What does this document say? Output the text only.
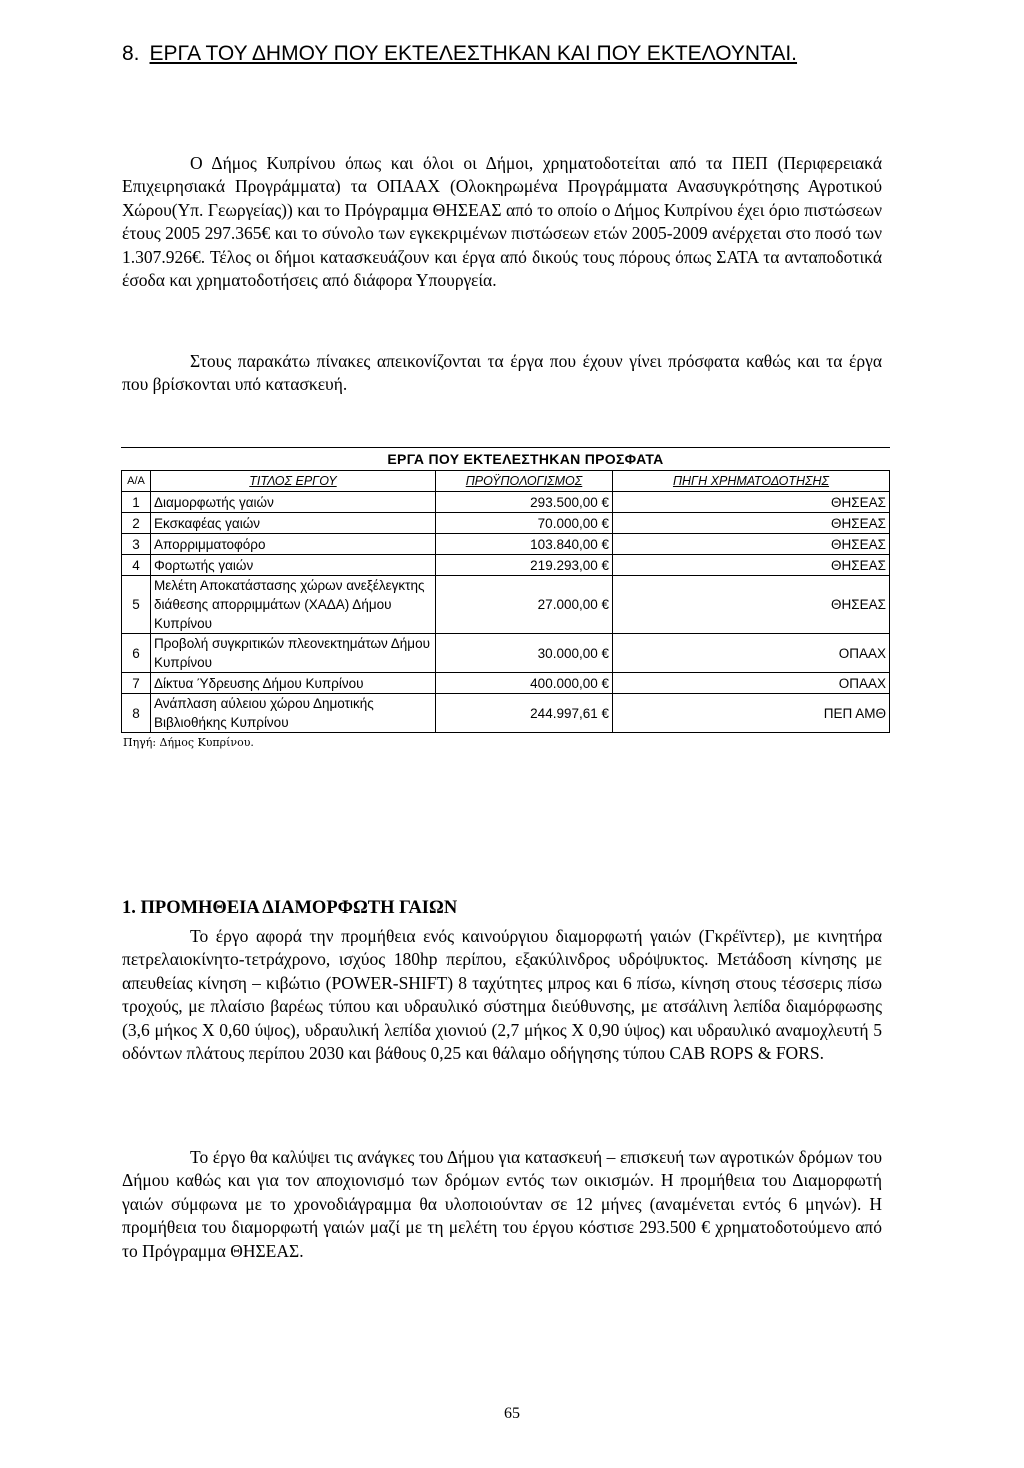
8. ΕΡΓΑ ΤΟΥ ΔΗΜΟΥ ΠΟΥ ΕΚΤΕΛΕΣΤΗΚΑΝ ΚΑΙ ΠΟΥ ΕΚΤΕΛΟΥΝΤΑΙ.

Ο Δήμος Κυπρίνου όπως και όλοι οι Δήμοι, χρηματοδοτείται από τα ΠΕΠ (Περιφερειακά Επιχειρησιακά Προγράμματα) τα ΟΠΑΑΧ (Ολοκηρωμένα Προγράμματα Ανασυγκρότησης Αγροτικού Χώρου(Υπ. Γεωργείας)) και το Πρόγραμμα ΘΗΣΕΑΣ από το οποίο ο Δήμος Κυπρίνου έχει όριο πιστώσεων έτους 2005 297.365€ και το σύνολο των εγκεκριμένων πιστώσεων ετών 2005-2009 ανέρχεται στο ποσό των 1.307.926€. Τέλος οι δήμοι κατασκευάζουν και έργα από δικούς τους πόρους όπως ΣΑΤΑ τα ανταποδοτικά έσοδα και χρηματοδοτήσεις από διάφορα Υπουργεία.

Στους παρακάτω πίνακες απεικονίζονται τα έργα που έχουν γίνει πρόσφατα καθώς και τα έργα που βρίσκονται υπό κατασκευή.

ΕΡΓΑ ΠΟΥ ΕΚΤΕΛΕΣΤΗΚΑΝ ΠΡΟΣΦΑΤΑ
Α/Α	ΤΙΤΛΟΣ ΕΡΓΟΥ	ΠΡΟΫΠΟΛΟΓΙΣΜΟΣ	ΠΗΓΗ ΧΡΗΜΑΤΟΔΟΤΗΣΗΣ
1	Διαμορφωτής γαιών	293.500,00 €	ΘΗΣΕΑΣ
2	Εκσκαφέας γαιών	70.000,00 €	ΘΗΣΕΑΣ
3	Απορριμματοφόρο	103.840,00 €	ΘΗΣΕΑΣ
4	Φορτωτής γαιών	219.293,00 €	ΘΗΣΕΑΣ
5	Μελέτη Αποκατάστασης χώρων ανεξέλεγκτης διάθεσης απορριμμάτων (ΧΑΔΑ) Δήμου Κυπρίνου	27.000,00 €	ΘΗΣΕΑΣ
6	Προβολή συγκριτικών πλεονεκτημάτων Δήμου Κυπρίνου	30.000,00 €	ΟΠΑΑΧ
7	Δίκτυα Ύδρευσης Δήμου Κυπρίνου	400.000,00 €	ΟΠΑΑΧ
8	Ανάπλαση αύλειου χώρου Δημοτικής Βιβλιοθήκης Κυπρίνου	244.997,61 €	ΠΕΠ ΑΜΘ
Πηγή: Δήμος Κυπρίνου.
1. ΠΡΟΜΗΘΕΙΑ ΔΙΑΜΟΡΦΩΤΗ ΓΑΙΩΝ

Το έργο αφορά την προμήθεια ενός καινούργιου διαμορφωτή γαιών (Γκρέϊντερ), με κινητήρα πετρελαιοκίνητο-τετράχρονο, ισχύος 180hp περίπου, εξακύλινδρος υδρόψυκτος. Μετάδοση κίνησης με απευθείας κίνηση – κιβώτιο (POWER-SHIFT) 8 ταχύτητες μπρος και 6 πίσω, κίνηση στους τέσσερις πίσω τροχούς, με πλαίσιο βαρέως τύπου και υδραυλικό σύστημα διεύθυνσης, με ατσάλινη λεπίδα διαμόρφωσης (3,6 μήκος Χ 0,60 ύψος), υδραυλική λεπίδα χιονιού (2,7 μήκος Χ 0,90 ύψος) και υδραυλικό αναμοχλευτή 5 οδόντων πλάτους περίπου 2030 και βάθους 0,25 και θάλαμο οδήγησης τύπου CAB ROPS & FORS.

Το έργο θα καλύψει τις ανάγκες του Δήμου για κατασκευή – επισκευή των αγροτικών δρόμων του Δήμου καθώς και για τον αποχιονισμό των δρόμων εντός των οικισμών. Η προμήθεια του Διαμορφωτή γαιών σύμφωνα με το χρονοδιάγραμμα θα υλοποιούνταν σε 12 μήνες (αναμένεται εντός 6 μηνών). Η προμήθεια του διαμορφωτή γαιών μαζί με τη μελέτη του έργου κόστισε 293.500 € χρηματοδοτούμενο από το Πρόγραμμα ΘΗΣΕΑΣ.

65
